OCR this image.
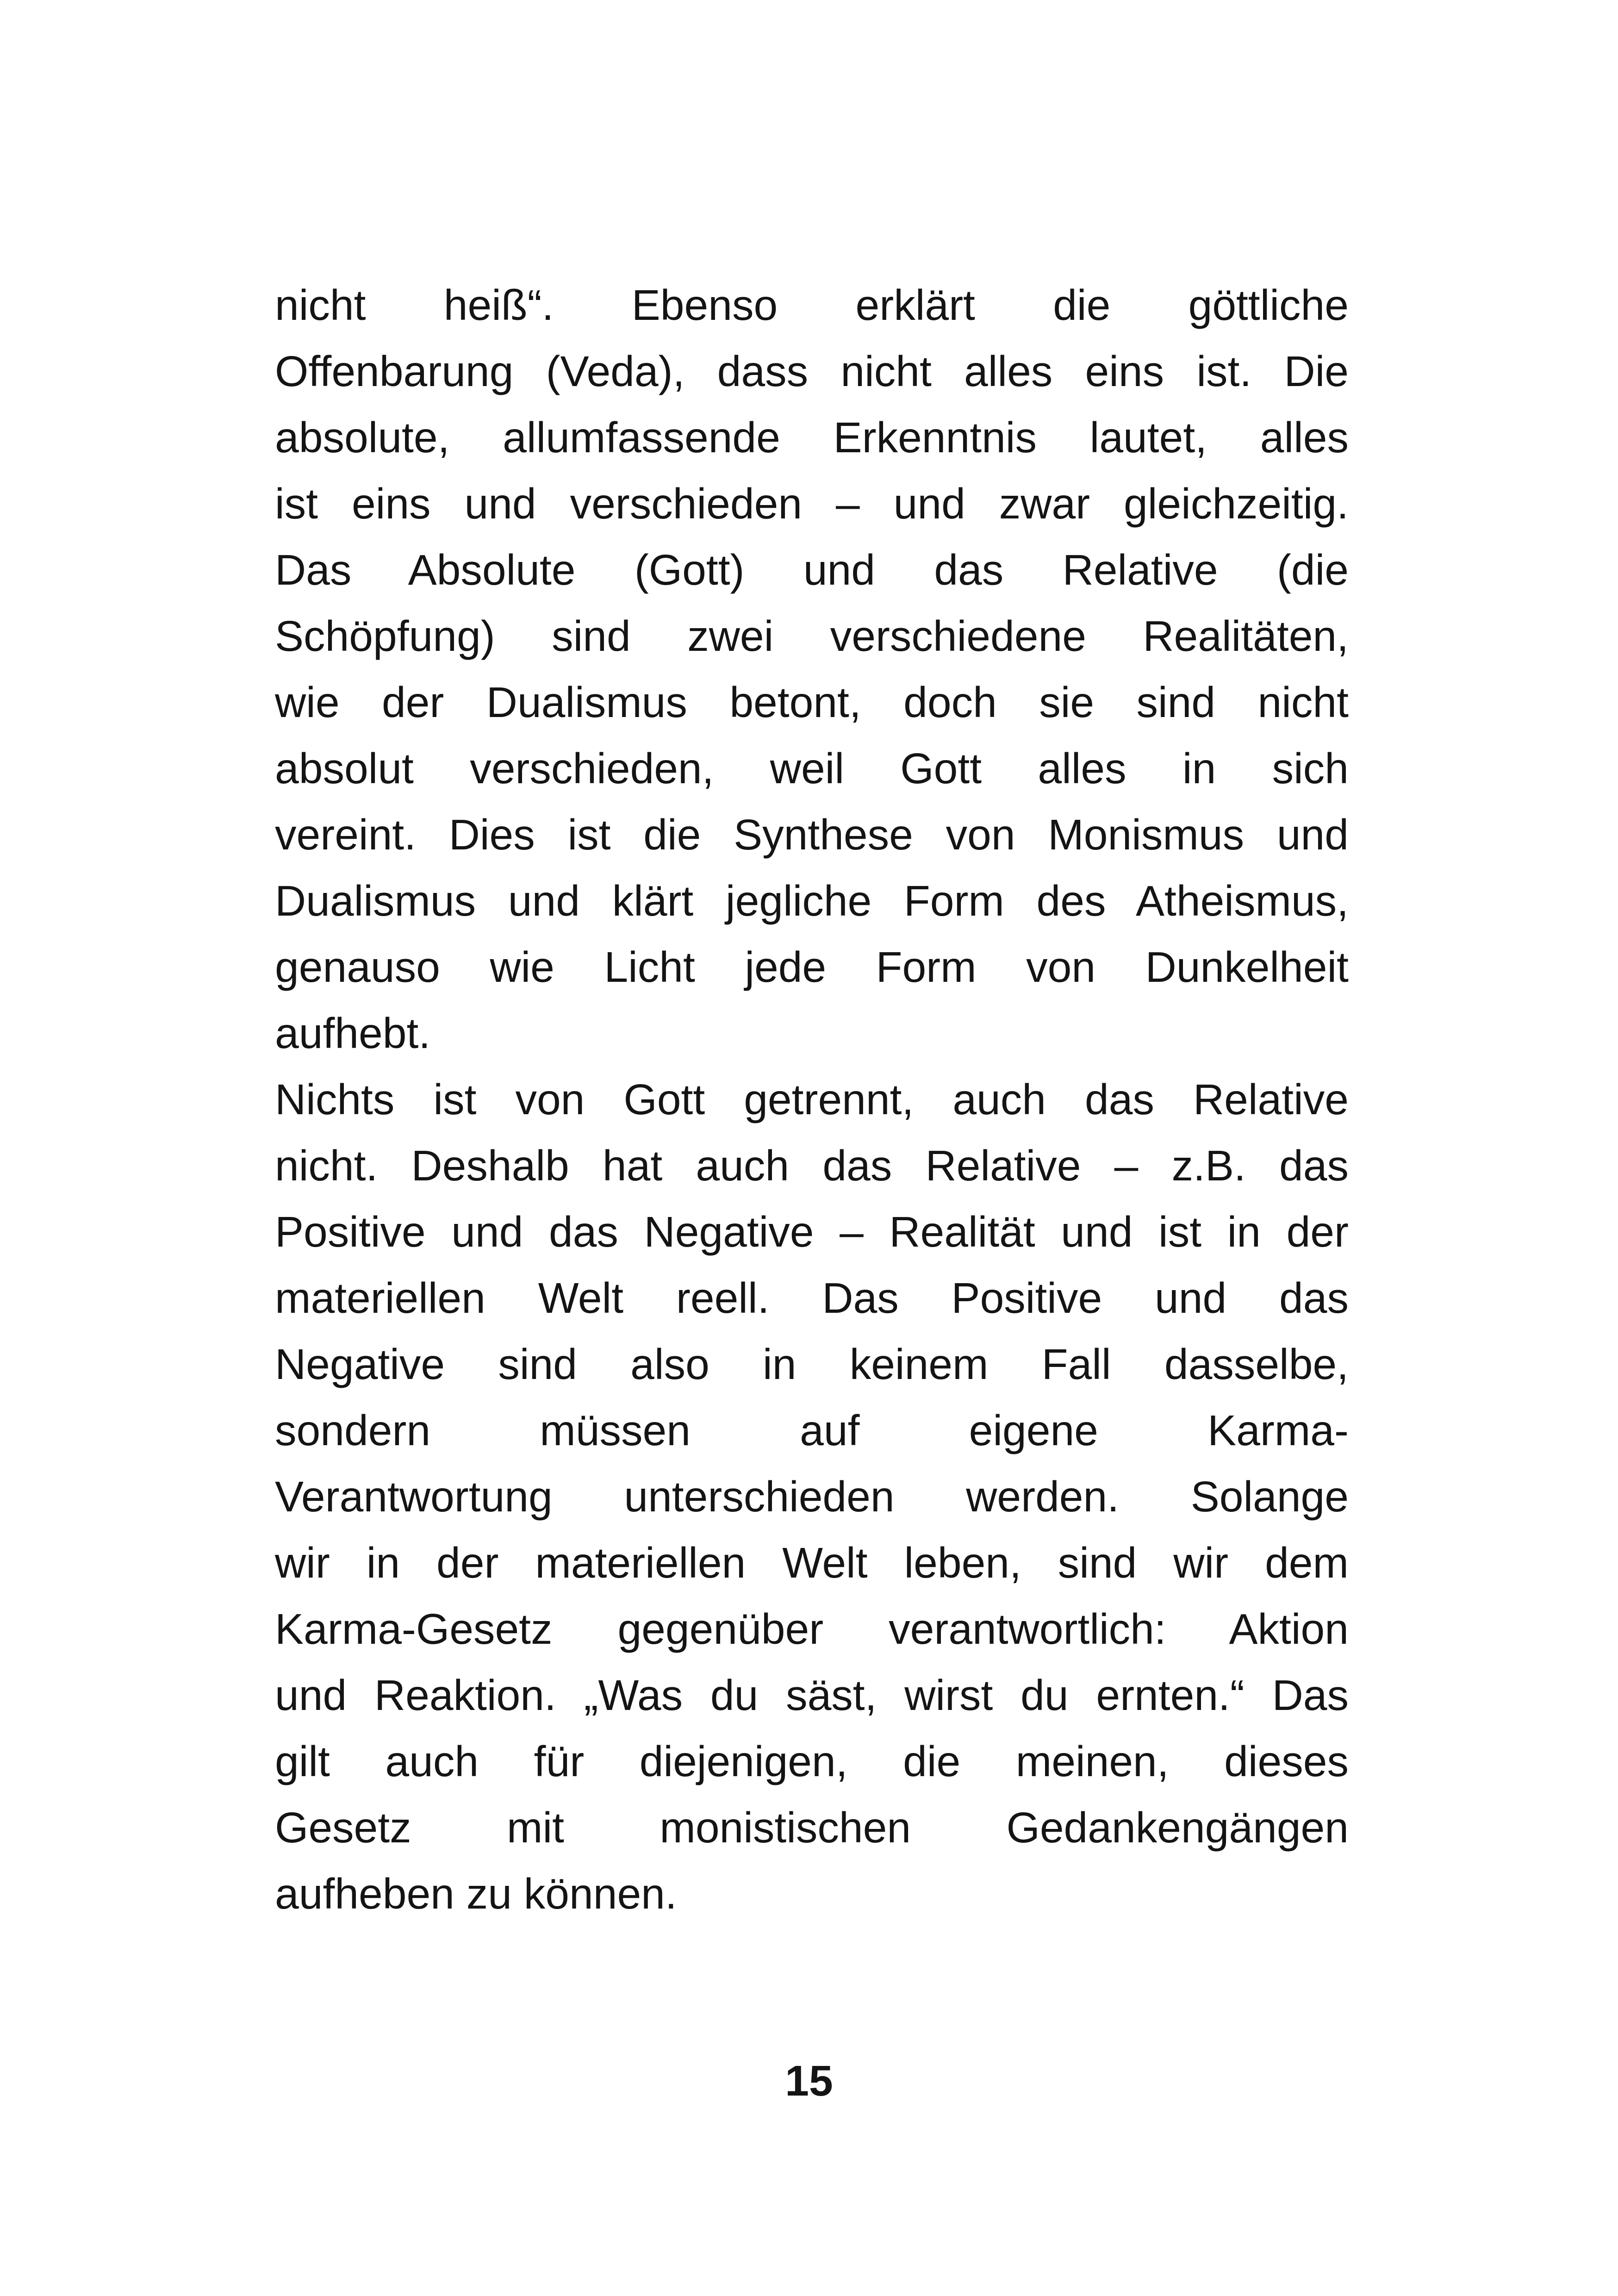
nicht heiß“. Ebenso erklärt die göttliche
Offenbarung (Veda), dass nicht alles eins ist. Die
absolute, allumfassende Erkenntnis lautet, alles
ist eins und verschieden – und zwar gleichzeitig.
Das Absolute (Gott) und das Relative (die
Schöpfung) sind zwei verschiedene Realitäten,
wie der Dualismus betont, doch sie sind nicht
absolut verschieden, weil Gott alles in sich
vereint. Dies ist die Synthese von Monismus und
Dualismus und klärt jegliche Form des Atheismus,
genauso wie Licht jede Form von Dunkelheit
aufhebt.
Nichts ist von Gott getrennt, auch das Relative
nicht. Deshalb hat auch das Relative – z.B. das
Positive und das Negative – Realität und ist in der
materiellen Welt reell. Das Positive und das
Negative sind also in keinem Fall dasselbe,
sondern müssen auf eigene Karma-
Verantwortung unterschieden werden. Solange
wir in der materiellen Welt leben, sind wir dem
Karma-Gesetz gegenüber verantwortlich: Aktion
und Reaktion. „Was du säst, wirst du ernten.“ Das
gilt auch für diejenigen, die meinen, dieses
Gesetz mit monistischen Gedankengängen
aufheben zu können.
15
